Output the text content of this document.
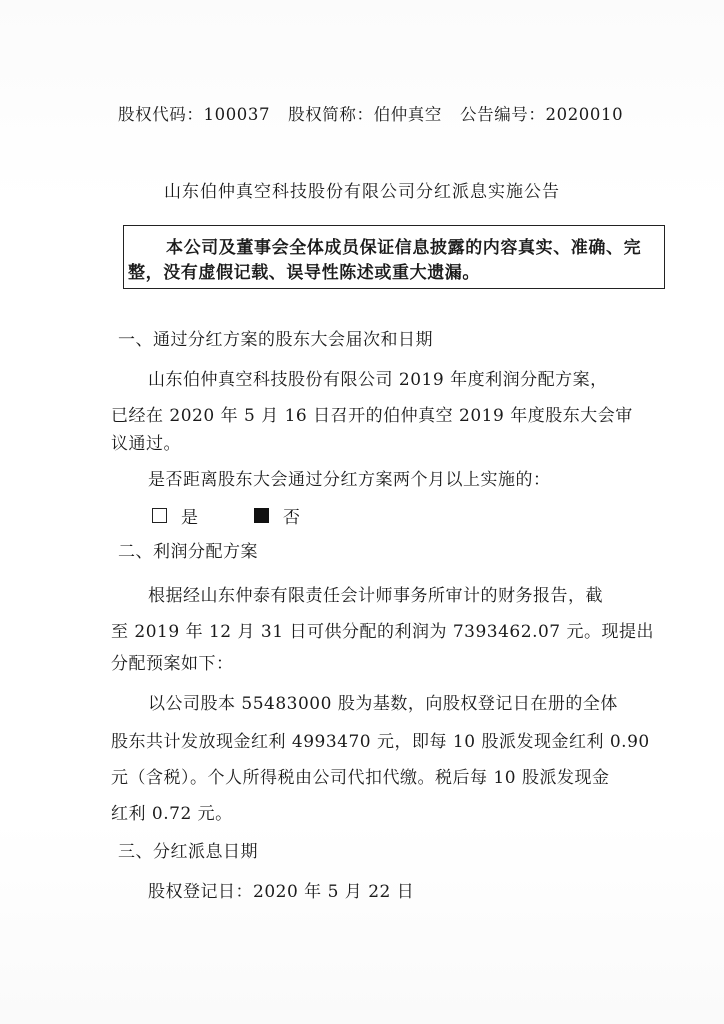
股权代码：100037 股权简称：伯仲真空 公告编号：2020010
山东伯仲真空科技股份有限公司分红派息实施公告
本公司及董事会全体成员保证信息披露的内容真实、准确、完
整，没有虚假记载、误导性陈述或重大遗漏。
一、通过分红方案的股东大会届次和日期
山东伯仲真空科技股份有限公司 2019 年度利润分配方案，
已经在 2020 年 5 月 16 日召开的伯仲真空 2019 年度股东大会审
议通过。
是否距离股东大会通过分红方案两个月以上实施的：
是	否
二、利润分配方案
根据经山东仲泰有限责任会计师事务所审计的财务报告，截
至 2019 年 12 月 31 日可供分配的利润为 7393462.07 元。现提出
分配预案如下：
以公司股本 55483000 股为基数，向股权登记日在册的全体
股东共计发放现金红利 4993470 元，即每 10 股派发现金红利 0.90
元（含税）。个人所得税由公司代扣代缴。税后每 10 股派发现金
红利 0.72 元。
三、分红派息日期
股权登记日：2020 年 5 月 22 日
